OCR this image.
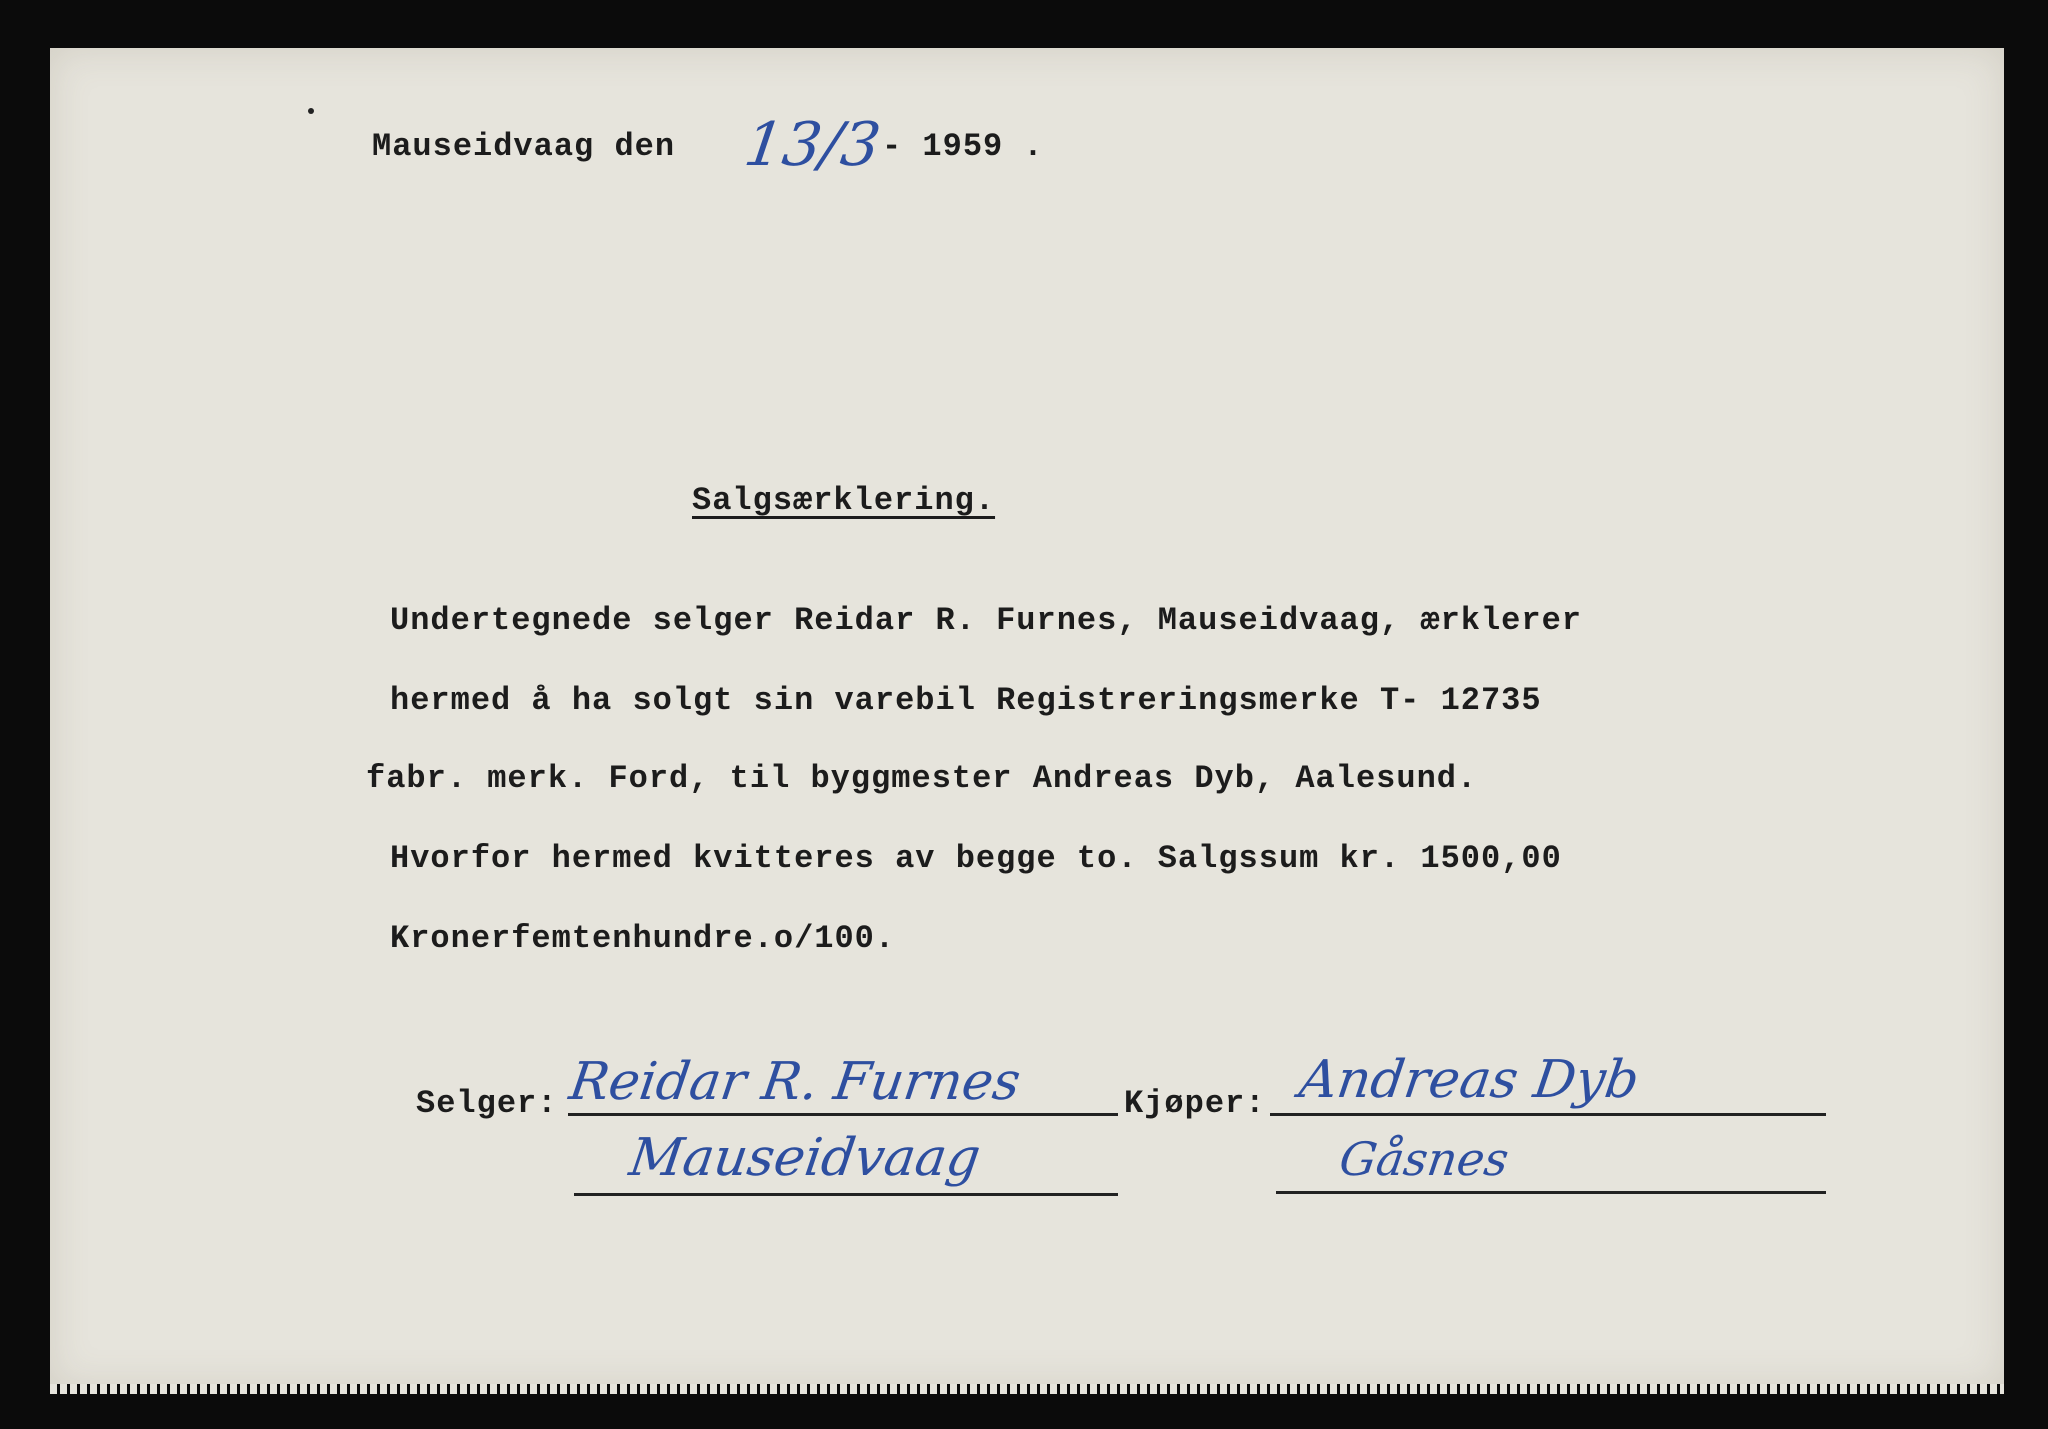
Mauseidvaag den 13/3
- 1959 .
Salgsærklering.
Undertegnede selger Reidar R. Furnes, Mauseidvaag, ærklerer
hermed å ha solgt sin varebil Registreringsmerke T- 12735
fabr. merk. Ford, til byggmester Andreas Dyb, Aalesund.
Hvorfor hermed kvitteres av begge to. Salgssum kr. 1500,00
Kronerfemtenhundre.o/100.
Selger: Reidar R. Furnes
Mauseidvaag
Kjøper: Andreas Dyb
Gåsnes
